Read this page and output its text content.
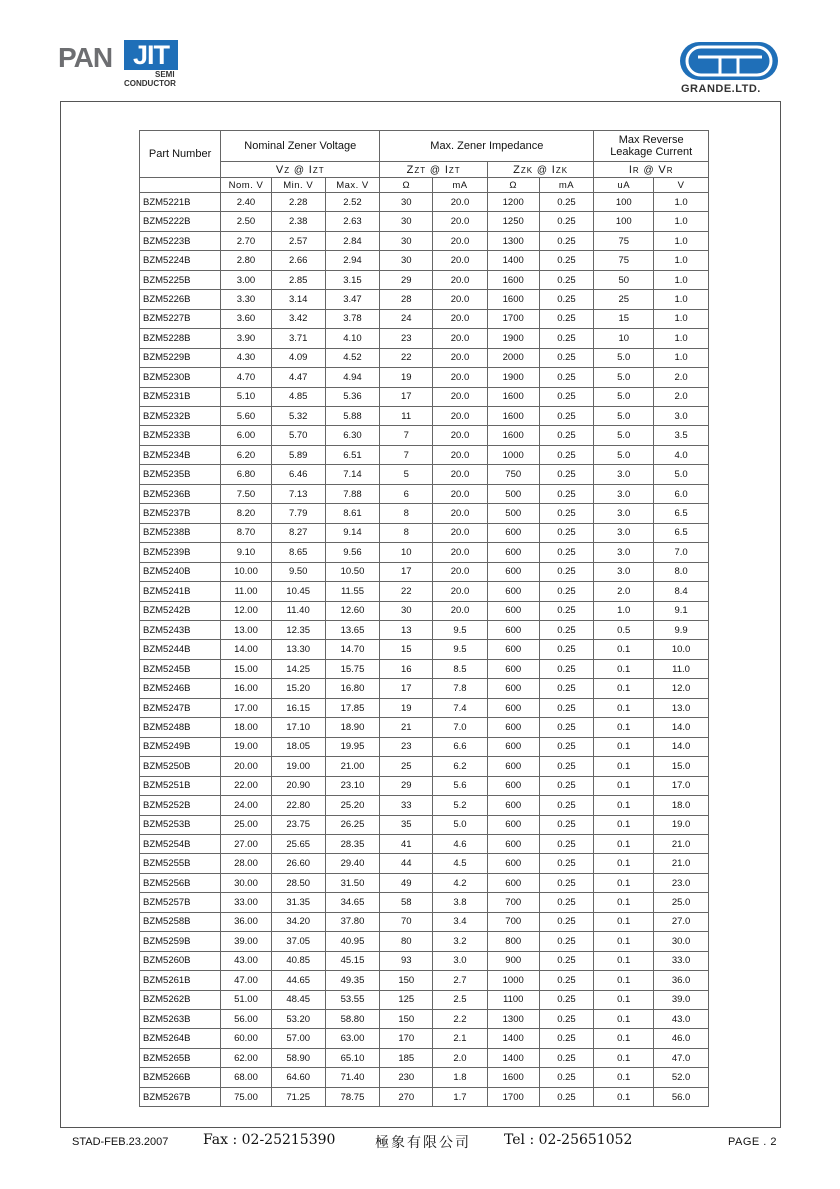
PAN JIT
SEMI
CONDUCTOR	GRANDE.LTD.
Part Number	Nominal Zener Voltage			Max. Zener Impedance				Max Reverse
Leakage Current	

	VZ @ IZT			ZZT @ IZT		ZZK @ IZK		IR @ VR	
	Nom. V	Min. V	Max. V	Ω	mA	Ω	mA	uA	V
BZM5221B	2.40	2.28	2.52	30	20.0	1200	0.25	100	1.0
BZM5222B	2.50	2.38	2.63	30	20.0	1250	0.25	100	1.0
BZM5223B	2.70	2.57	2.84	30	20.0	1300	0.25	75	1.0
BZM5224B	2.80	2.66	2.94	30	20.0	1400	0.25	75	1.0
BZM5225B	3.00	2.85	3.15	29	20.0	1600	0.25	50	1.0
BZM5226B	3.30	3.14	3.47	28	20.0	1600	0.25	25	1.0
BZM5227B	3.60	3.42	3.78	24	20.0	1700	0.25	15	1.0
BZM5228B	3.90	3.71	4.10	23	20.0	1900	0.25	10	1.0
BZM5229B	4.30	4.09	4.52	22	20.0	2000	0.25	5.0	1.0
BZM5230B	4.70	4.47	4.94	19	20.0	1900	0.25	5.0	2.0
BZM5231B	5.10	4.85	5.36	17	20.0	1600	0.25	5.0	2.0
BZM5232B	5.60	5.32	5.88	11	20.0	1600	0.25	5.0	3.0
BZM5233B	6.00	5.70	6.30	7	20.0	1600	0.25	5.0	3.5
BZM5234B	6.20	5.89	6.51	7	20.0	1000	0.25	5.0	4.0
BZM5235B	6.80	6.46	7.14	5	20.0	750	0.25	3.0	5.0
BZM5236B	7.50	7.13	7.88	6	20.0	500	0.25	3.0	6.0
BZM5237B	8.20	7.79	8.61	8	20.0	500	0.25	3.0	6.5
BZM5238B	8.70	8.27	9.14	8	20.0	600	0.25	3.0	6.5
BZM5239B	9.10	8.65	9.56	10	20.0	600	0.25	3.0	7.0
BZM5240B	10.00	9.50	10.50	17	20.0	600	0.25	3.0	8.0
BZM5241B	11.00	10.45	11.55	22	20.0	600	0.25	2.0	8.4
BZM5242B	12.00	11.40	12.60	30	20.0	600	0.25	1.0	9.1
BZM5243B	13.00	12.35	13.65	13	9.5	600	0.25	0.5	9.9
BZM5244B	14.00	13.30	14.70	15	9.5	600	0.25	0.1	10.0
BZM5245B	15.00	14.25	15.75	16	8.5	600	0.25	0.1	11.0
BZM5246B	16.00	15.20	16.80	17	7.8	600	0.25	0.1	12.0
BZM5247B	17.00	16.15	17.85	19	7.4	600	0.25	0.1	13.0
BZM5248B	18.00	17.10	18.90	21	7.0	600	0.25	0.1	14.0
BZM5249B	19.00	18.05	19.95	23	6.6	600	0.25	0.1	14.0
BZM5250B	20.00	19.00	21.00	25	6.2	600	0.25	0.1	15.0
BZM5251B	22.00	20.90	23.10	29	5.6	600	0.25	0.1	17.0
BZM5252B	24.00	22.80	25.20	33	5.2	600	0.25	0.1	18.0
BZM5253B	25.00	23.75	26.25	35	5.0	600	0.25	0.1	19.0
BZM5254B	27.00	25.65	28.35	41	4.6	600	0.25	0.1	21.0
BZM5255B	28.00	26.60	29.40	44	4.5	600	0.25	0.1	21.0
BZM5256B	30.00	28.50	31.50	49	4.2	600	0.25	0.1	23.0
BZM5257B	33.00	31.35	34.65	58	3.8	700	0.25	0.1	25.0
BZM5258B	36.00	34.20	37.80	70	3.4	700	0.25	0.1	27.0
BZM5259B	39.00	37.05	40.95	80	3.2	800	0.25	0.1	30.0
BZM5260B	43.00	40.85	45.15	93	3.0	900	0.25	0.1	33.0
BZM5261B	47.00	44.65	49.35	150	2.7	1000	0.25	0.1	36.0
BZM5262B	51.00	48.45	53.55	125	2.5	1100	0.25	0.1	39.0
BZM5263B	56.00	53.20	58.80	150	2.2	1300	0.25	0.1	43.0
BZM5264B	60.00	57.00	63.00	170	2.1	1400	0.25	0.1	46.0
BZM5265B	62.00	58.90	65.10	185	2.0	1400	0.25	0.1	47.0
BZM5266B	68.00	64.60	71.40	230	1.8	1600	0.25	0.1	52.0
BZM5267B	75.00	71.25	78.75	270	1.7	1700	0.25	0.1	56.0
STAD-FEB.23.2007 Fax : 02-25215390	極象有限公司 Tel : 02-25651052	PAGE . 2
